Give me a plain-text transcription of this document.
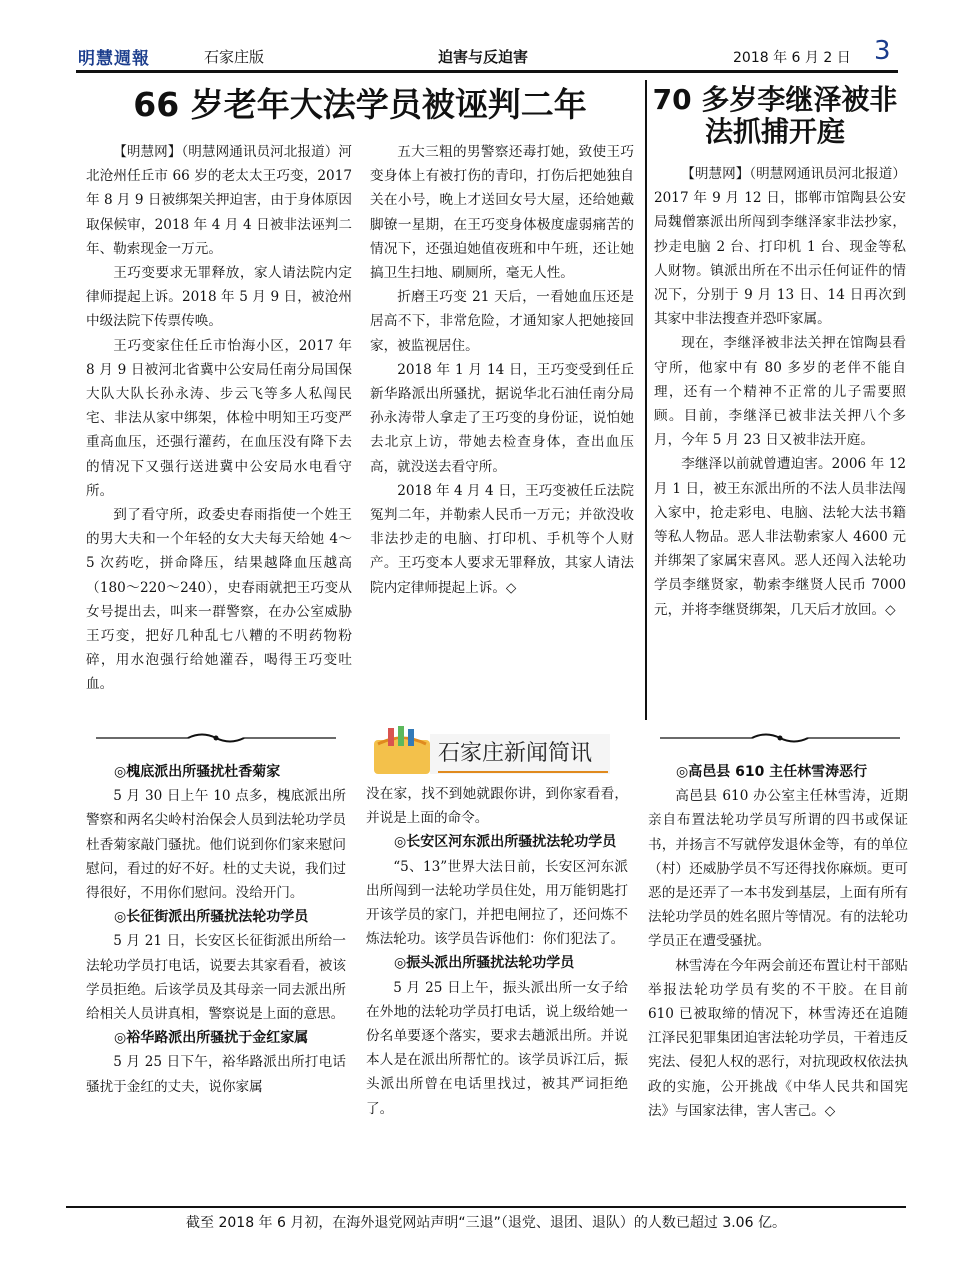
明慧週報	石家庄版	迫害与反迫害	2018 年 6 月 2 日 3
66 岁老年大法学员被诬判二年	70 多岁李继泽被非法抓捕开庭

【明慧网】（明慧网通讯员河北报道）河北沧州任丘市 66 岁的老太太王巧变，2017 年 8 月 9 日被绑架关押迫害，由于身体原因取保候审，2018 年 4 月 4 日被非法诬判二年、勒索现金一万元。

王巧变要求无罪释放，家人请法院内定律师提起上诉。2018 年 5 月 9 日，被沧州中级法院下传票传唤。

王巧变家住任丘市怡海小区，2017 年 8 月 9 日被河北省冀中公安局任南分局国保大队大队长孙永涛、步云飞等多人私闯民宅、非法从家中绑架，体检中明知王巧变严重高血压，还强行灌药，在血压没有降下去的情况下又强行送进冀中公安局水电看守所。

到了看守所，政委史春雨指使一个姓王的男大夫和一个年轻的女大夫每天给她 4～5 次药吃，拼命降压，结果越降血压越高（180～220～240），史春雨就把王巧变从女号提出去，叫来一群警察，在办公室威胁王巧变，把好几种乱七八糟的不明药物粉碎，用水泡强行给她灌吞，喝得王巧变吐血。

五大三粗的男警察还毒打她，致使王巧变身体上有被打伤的青印，打伤后把她独自关在小号，晚上才送回女号大屋，还给她戴脚镣一星期，在王巧变身体极度虚弱痛苦的情况下，还强迫她值夜班和中午班，还让她搞卫生扫地、刷厕所，毫无人性。

折磨王巧变 21 天后，一看她血压还是居高不下，非常危险，才通知家人把她接回家，被监视居住。

2018 年 1 月 14 日，王巧变受到任丘新华路派出所骚扰，据说华北石油任南分局孙永涛带人拿走了王巧变的身份证，说怕她去北京上访，带她去检查身体，查出血压高，就没送去看守所。

2018 年 4 月 4 日，王巧变被任丘法院冤判二年，并勒索人民币一万元；并欲没收非法抄走的电脑、打印机、手机等个人财产。王巧变本人要求无罪释放，其家人请法院内定律师提起上诉。◇

【明慧网】（明慧网通讯员河北报道）2017 年 9 月 12 日，邯郸市馆陶县公安局魏僧寨派出所闯到李继泽家非法抄家，抄走电脑 2 台、打印机 1 台、现金等私人财物。镇派出所在不出示任何证件的情况下，分别于 9 月 13 日、14 日再次到其家中非法搜查并恐吓家属。

现在，李继泽被非法关押在馆陶县看守所，他家中有 80 多岁的老伴不能自理，还有一个精神不正常的儿子需要照顾。目前，李继泽已被非法关押八个多月，今年 5 月 23 日又被非法开庭。

李继泽以前就曾遭迫害。2006 年 12 月 1 日，被王东派出所的不法人员非法闯入家中，抢走彩电、电脑、法轮大法书籍等私人物品。恶人非法勒索家人 4600 元并绑架了家属宋喜风。恶人还闯入法轮功学员李继贤家，勒索李继贤人民币 7000 元，并将李继贤绑架，几天后才放回。◇

石家庄新闻简讯
◎槐底派出所骚扰杜香菊家

5 月 30 日上午 10 点多，槐底派出所警察和两名尖岭村治保会人员到法轮功学员杜香菊家敲门骚扰。他们说到你们家来慰问慰问，看过的好不好。杜的丈夫说，我们过得很好，不用你们慰问。没给开门。

◎长征街派出所骚扰法轮功学员

5 月 21 日，长安区长征街派出所给一法轮功学员打电话，说要去其家看看，被该学员拒绝。后该学员及其母亲一同去派出所给相关人员讲真相，警察说是上面的意思。

◎裕华路派出所骚扰于金红家属

5 月 25 日下午，裕华路派出所打电话骚扰于金红的丈夫，说你家属

没在家，找不到她就跟你讲，到你家看看，并说是上面的命令。

◎长安区河东派出所骚扰法轮功学员

“5、13”世界大法日前，长安区河东派出所闯到一法轮功学员住处，用万能钥匙打开该学员的家门，并把电闸拉了，还问炼不炼法轮功。该学员告诉他们：你们犯法了。

◎振头派出所骚扰法轮功学员

5 月 25 日上午，振头派出所一女子给在外地的法轮功学员打电话，说上级给她一份名单要逐个落实，要求去趟派出所。并说本人是在派出所帮忙的。该学员诉江后，振头派出所曾在电话里找过，被其严词拒绝了。

◎高邑县 610 主任林雪涛恶行

高邑县 610 办公室主任林雪涛，近期亲自布置法轮功学员写所谓的四书或保证书，并扬言不写就停发退休金等，有的单位（村）还威胁学员不写还得找你麻烦。更可恶的是还弄了一本书发到基层，上面有所有法轮功学员的姓名照片等情况。有的法轮功学员正在遭受骚扰。

林雪涛在今年两会前还布置让村干部贴举报法轮功学员有奖的不干胶。在目前 610 已被取缔的情况下，林雪涛还在追随江泽民犯罪集团迫害法轮功学员，干着违反宪法、侵犯人权的恶行，对抗现政权依法执政的实施，公开挑战《中华人民共和国宪法》与国家法律，害人害己。◇

截至 2018 年 6 月初，在海外退党网站声明“三退”（退党、退团、退队）的人数已超过 3.06 亿。
